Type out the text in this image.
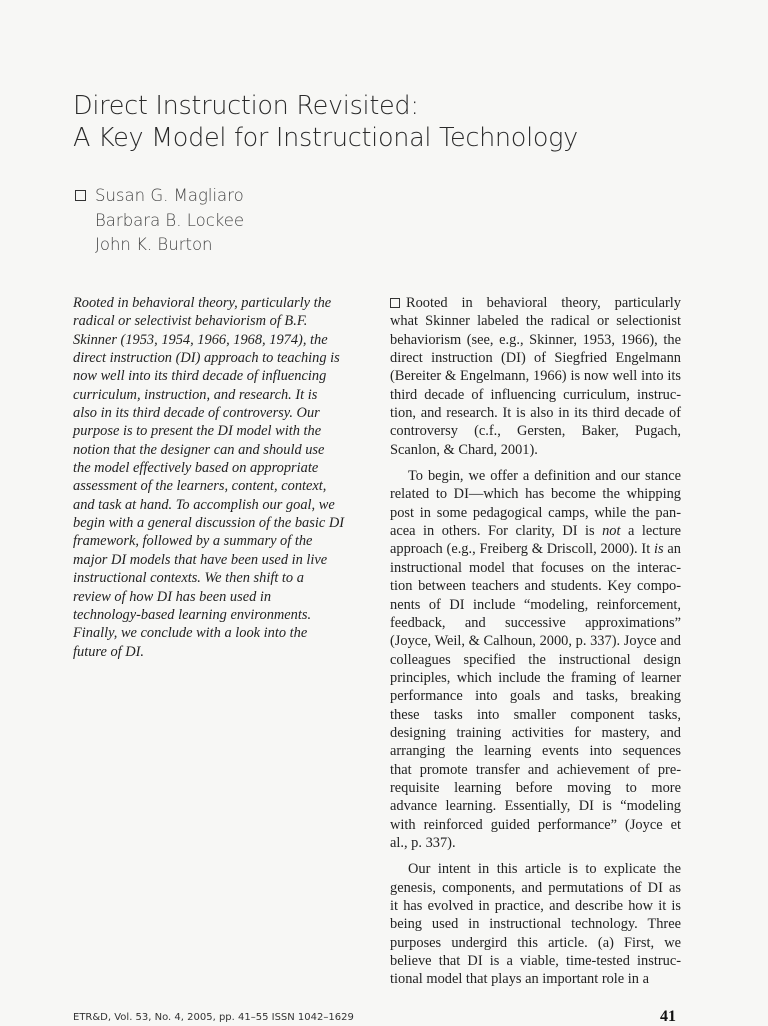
Direct Instruction Revisited:
A Key Model for Instructional Technology
Susan G. Magliaro
Barbara B. Lockee
John K. Burton
Rooted in behavioral theory, particularly the
radical or selectivist behaviorism of B.F.
Skinner (1953, 1954, 1966, 1968, 1974), the
direct instruction (DI) approach to teaching is
now well into its third decade of influencing
curriculum, instruction, and research. It is
also in its third decade of controversy. Our
purpose is to present the DI model with the
notion that the designer can and should use
the model effectively based on appropriate
assessment of the learners, content, context,
and task at hand. To accomplish our goal, we
begin with a general discussion of the basic DI
framework, followed by a summary of the
major DI models that have been used in live
instructional contexts. We then shift to a
review of how DI has been used in
technology-based learning environments.
Finally, we conclude with a look into the
future of DI.
Rooted in behavioral theory, particularly
what Skinner labeled the radical or selectionist
behaviorism (see, e.g., Skinner, 1953, 1966), the
direct instruction (DI) of Siegfried Engelmann
(Bereiter & Engelmann, 1966) is now well into its
third decade of influencing curriculum, instruc-
tion, and research. It is also in its third decade of
controversy (c.f., Gersten, Baker, Pugach,
Scanlon, & Chard, 2001).
To begin, we offer a definition and our stance
related to DI—which has become the whipping
post in some pedagogical camps, while the pan-
acea in others. For clarity, DI is not a lecture
approach (e.g., Freiberg & Driscoll, 2000). It is an
instructional model that focuses on the interac-
tion between teachers and students. Key compo-
nents of DI include “modeling, reinforcement,
feedback, and successive approximations”
(Joyce, Weil, & Calhoun, 2000, p. 337). Joyce and
colleagues specified the instructional design
principles, which include the framing of learner
performance into goals and tasks, breaking
these tasks into smaller component tasks,
designing training activities for mastery, and
arranging the learning events into sequences
that promote transfer and achievement of pre-
requisite learning before moving to more
advance learning. Essentially, DI is “modeling
with reinforced guided performance” (Joyce et
al., p. 337).
Our intent in this article is to explicate the
genesis, components, and permutations of DI as
it has evolved in practice, and describe how it is
being used in instructional technology. Three
purposes undergird this article. (a) First, we
believe that DI is a viable, time-tested instruc-
tional model that plays an important role in a
ETR&D, Vol. 53, No. 4, 2005, pp. 41–55 ISSN 1042–1629	41
